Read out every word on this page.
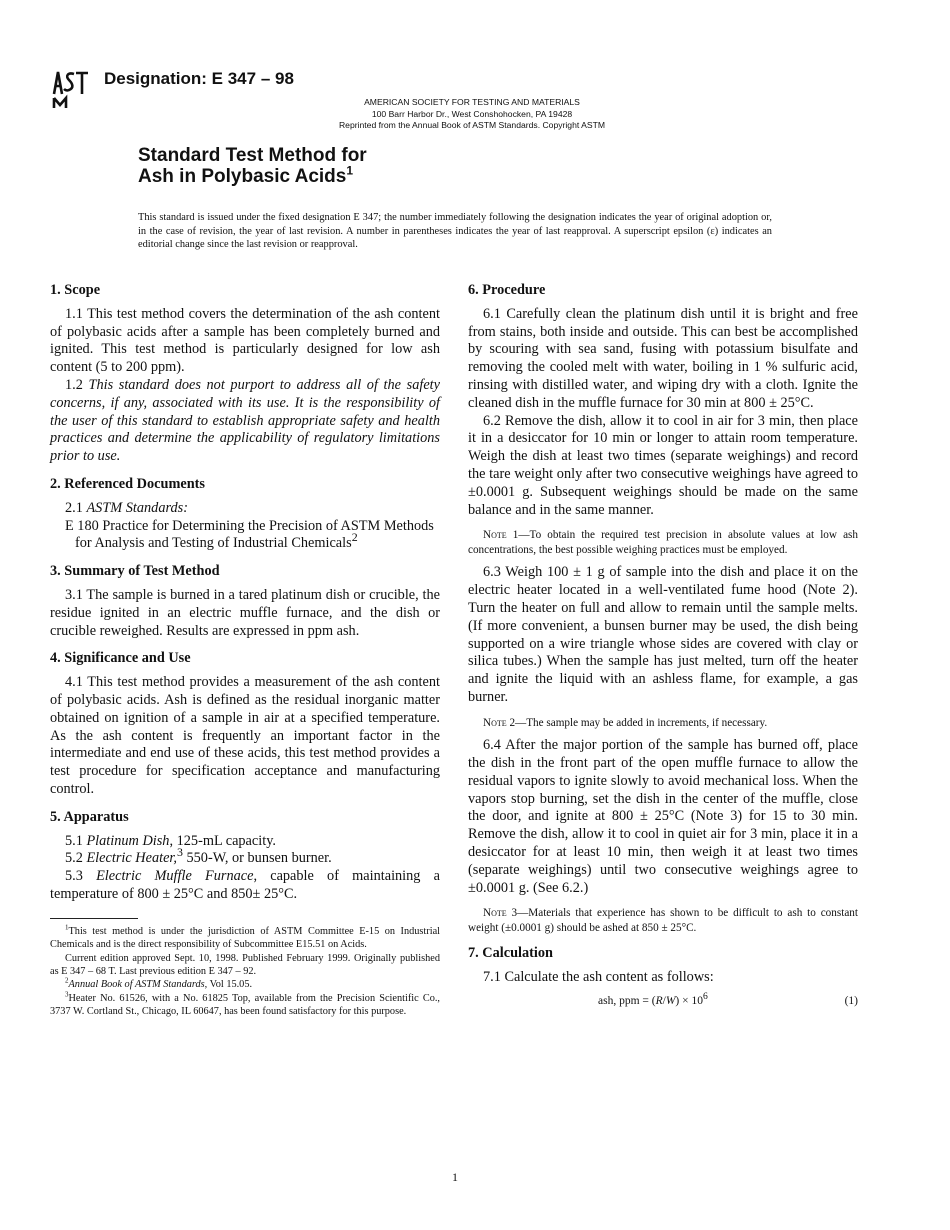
Designation: E 347 – 98
AMERICAN SOCIETY FOR TESTING AND MATERIALS
100 Barr Harbor Dr., West Conshohocken, PA 19428
Reprinted from the Annual Book of ASTM Standards. Copyright ASTM
Standard Test Method for
Ash in Polybasic Acids$^1$
This standard is issued under the fixed designation E 347; the number immediately following the designation indicates the year of original adoption or, in the case of revision, the year of last revision. A number in parentheses indicates the year of last reapproval. A superscript epsilon (ε) indicates an editorial change since the last revision or reapproval.

1. Scope

1.1 This test method covers the determination of the ash content of polybasic acids after a sample has been completely burned and ignited. This test method is particularly designed for low ash content (5 to 200 ppm).

1.2 This standard does not purport to address all of the safety concerns, if any, associated with its use. It is the responsibility of the user of this standard to establish appropriate safety and health practices and determine the applicability of regulatory limitations prior to use.

2. Referenced Documents

2.1 ASTM Standards:

E 180 Practice for Determining the Precision of ASTM Methods for Analysis and Testing of Industrial Chemicals$^2$

3. Summary of Test Method

3.1 The sample is burned in a tared platinum dish or crucible, the residue ignited in an electric muffle furnace, and the dish or crucible reweighed. Results are expressed in ppm ash.

4. Significance and Use

4.1 This test method provides a measurement of the ash content of polybasic acids. Ash is defined as the residual inorganic matter obtained on ignition of a sample in air at a specified temperature. As the ash content is frequently an important factor in the intermediate and end use of these acids, this test method provides a test procedure for specification acceptance and manufacturing control.

5. Apparatus

5.1 Platinum Dish, 125-mL capacity.

5.2 Electric Heater,$^3$ 550-W, or bunsen burner.

5.3 Electric Muffle Furnace, capable of maintaining a temperature of 800 ± 25°C and 850± 25°C.

$^1$This test method is under the jurisdiction of ASTM Committee E-15 on Industrial Chemicals and is the direct responsibility of Subcommittee E15.51 on Acids.

Current edition approved Sept. 10, 1998. Published February 1999. Originally published as E 347 – 68 T. Last previous edition E 347 – 92.

$^2$Annual Book of ASTM Standards, Vol 15.05.

$^3$Heater No. 61526, with a No. 61825 Top, available from the Precision Scientific Co., 3737 W. Cortland St., Chicago, IL 60647, has been found satisfactory for this purpose.

6. Procedure

6.1 Carefully clean the platinum dish until it is bright and free from stains, both inside and outside. This can best be accomplished by scouring with sea sand, fusing with potassium bisulfate and removing the cooled melt with water, boiling in 1 % sulfuric acid, rinsing with distilled water, and wiping dry with a cloth. Ignite the cleaned dish in the muffle furnace for 30 min at 800 ± 25°C.

6.2 Remove the dish, allow it to cool in air for 3 min, then place it in a desiccator for 10 min or longer to attain room temperature. Weigh the dish at least two times (separate weighings) and record the tare weight only after two consecutive weighings have agreed to ±0.0001 g. Subsequent weighings should be made on the same balance and in the same manner.

Note 1—To obtain the required test precision in absolute values at low ash concentrations, the best possible weighing practices must be employed.

6.3 Weigh 100 ± 1 g of sample into the dish and place it on the electric heater located in a well-ventilated fume hood (Note 2). Turn the heater on full and allow to remain until the sample melts. (If more convenient, a bunsen burner may be used, the dish being supported on a wire triangle whose sides are covered with clay or silica tubes.) When the sample has just melted, turn off the heater and ignite the liquid with an ashless flame, for example, a gas burner.

Note 2—The sample may be added in increments, if necessary.

6.4 After the major portion of the sample has burned off, place the dish in the front part of the open muffle furnace to allow the residual vapors to ignite slowly to avoid mechanical loss. When the vapors stop burning, set the dish in the center of the muffle, close the door, and ignite at 800 ± 25°C (Note 3) for 15 to 30 min. Remove the dish, allow it to cool in quiet air for 3 min, place it in a desiccator for at least 10 min, then weigh it at least two times (separate weighings) until two consecutive weighings agree to ±0.0001 g. (See 6.2.)

Note 3—Materials that experience has shown to be difficult to ash to constant weight (±0.0001 g) should be ashed at 850 ± 25°C.

7. Calculation

7.1 Calculate the ash content as follows:

ash, ppm = $(R/W) \times 10^6$	(1)
1
